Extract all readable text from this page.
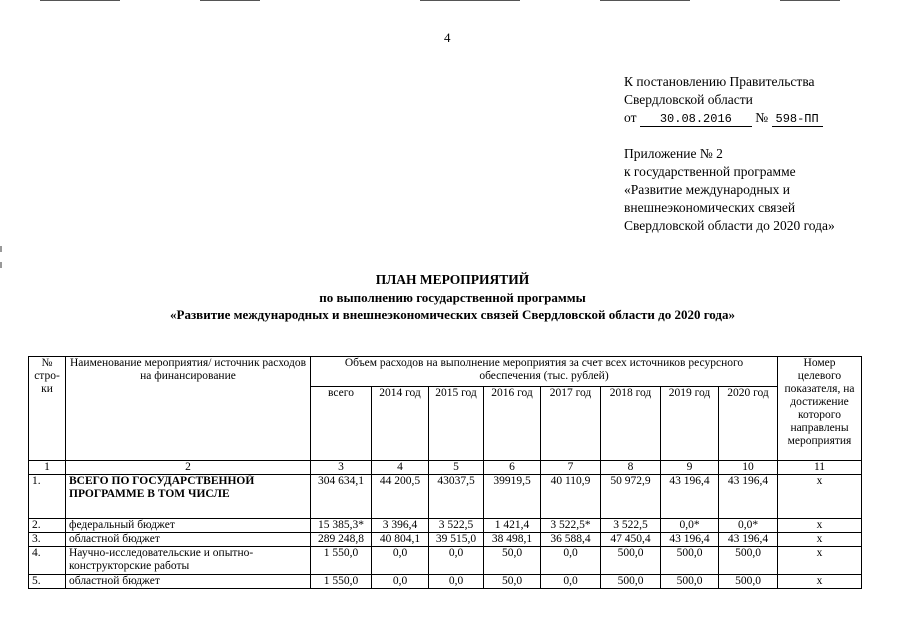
4
К постановлению Правительства
Свердловской области
от 30.08.2016 № 598-ПП
Приложение № 2
к государственной программе
«Развитие международных и
внешнеэкономических связей
Свердловской области до 2020 года»
ПЛАН МЕРОПРИЯТИЙ
по выполнению государственной программы
«Развитие международных и внешнеэкономических связей Свердловской области до 2020 года»
№ стро- ки	Наименование мероприятия/ источник расходов на финансирование	Объем расходов на выполнение мероприятия за счет всех источников ресурсного обеспечения (тыс. рублей)								Номер целевого показателя, на достижение которого направлены мероприятия
		всего	2014 год	2015 год	2016 год	2017 год	2018 год	2019 год	2020 год	
1	2	3	4	5	6	7	8	9	10	11
1.	ВСЕГО ПО ГОСУДАРСТВЕННОЙ ПРОГРАММЕ В ТОМ ЧИСЛЕ	304 634,1	44 200,5	43037,5	39919,5	40 110,9	50 972,9	43 196,4	43 196,4	х
2.	федеральный бюджет	15 385,3*	3 396,4	3 522,5	1 421,4	3 522,5*	3 522,5	0,0*	0,0*	х
3.	областной бюджет	289 248,8	40 804,1	39 515,0	38 498,1	36 588,4	47 450,4	43 196,4	43 196,4	х
4.	Научно-исследовательские и опытно-конструкторские работы	1 550,0	0,0	0,0	50,0	0,0	500,0	500,0	500,0	х
5.	областной бюджет	1 550,0	0,0	0,0	50,0	0,0	500,0	500,0	500,0	х
